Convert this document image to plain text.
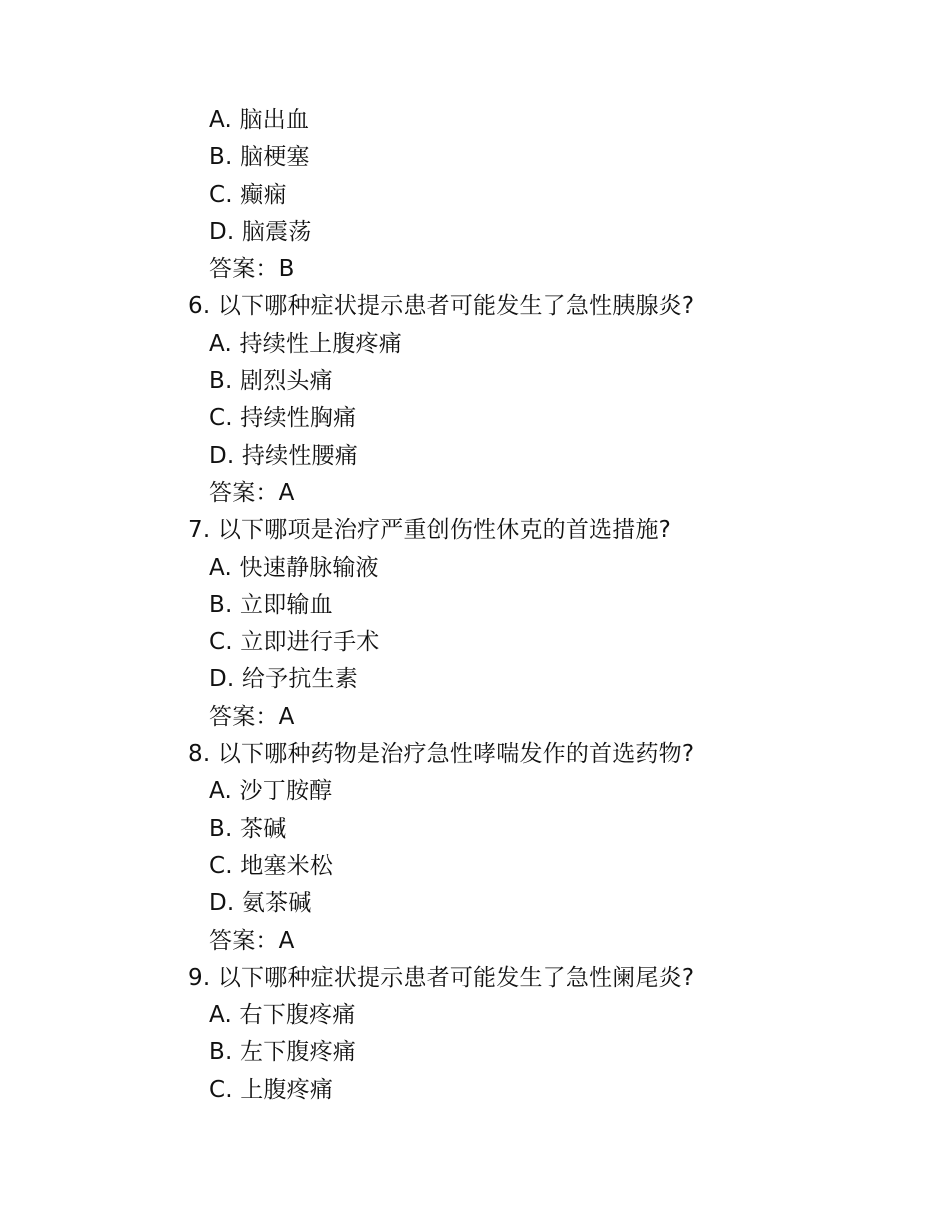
A. 脑出血
B. 脑梗塞
C. 癫痫
D. 脑震荡
答案：B
6. 以下哪种症状提示患者可能发生了急性胰腺炎?
A. 持续性上腹疼痛
B. 剧烈头痛
C. 持续性胸痛
D. 持续性腰痛
答案：A
7. 以下哪项是治疗严重创伤性休克的首选措施?
A. 快速静脉输液
B. 立即输血
C. 立即进行手术
D. 给予抗生素
答案：A
8. 以下哪种药物是治疗急性哮喘发作的首选药物?
A. 沙丁胺醇
B. 茶碱
C. 地塞米松
D. 氨茶碱
答案：A
9. 以下哪种症状提示患者可能发生了急性阑尾炎?
A. 右下腹疼痛
B. 左下腹疼痛
C. 上腹疼痛
